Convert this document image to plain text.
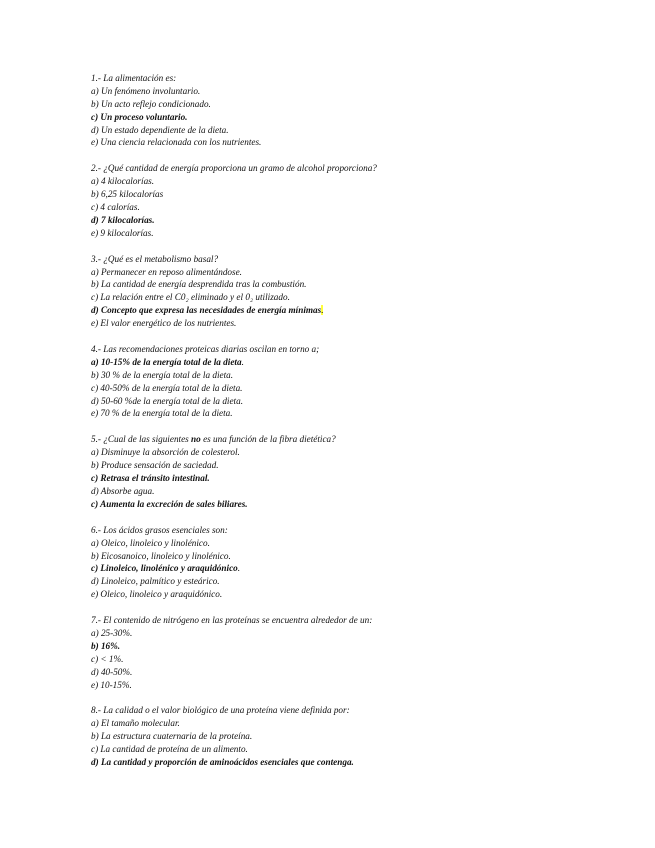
1.- La alimentación es:
a) Un fenómeno involuntario.
b) Un acto reflejo condicionado.
c) Un proceso voluntario.
d) Un estado dependiente de la dieta.
e) Una ciencia relacionada con los nutrientes.
2.- ¿Qué cantidad de energía proporciona un gramo de alcohol proporciona?
a) 4 kilocalorías.
b) 6,25 kilocalorías
c) 4 calorías.
d) 7 kilocalorías.
e) 9 kilocalorías.
3.- ¿Qué es el metabolismo basal?
a) Permanecer en reposo alimentándose.
b) La cantidad de energía desprendida tras la combustión.
c) La relación entre el C0₂ eliminado y el 0₂ utilizado.
d) Concepto que expresa las necesidades de energía mínimas.
e) El valor energético de los nutrientes.
4.- Las recomendaciones proteicas diarias oscilan en torno a;
a) 10-15% de la energía total de la dieta.
b) 30 % de la energía total de la dieta.
c) 40-50% de la energía total de la dieta.
d) 50-60 %de la energía total de la dieta.
e) 70 % de la energía total de la dieta.
5.- ¿Cual de las siguientes no es una función de la fibra dietética?
a) Disminuye la absorción de colesterol.
b) Produce sensación de saciedad.
c) Retrasa el tránsito intestinal.
d) Absorbe agua.
c) Aumenta la excreción de sales biliares.
6.- Los ácidos grasos esenciales son:
a) Oleico, linoleico y linolénico.
b) Eicosanoico, linoleico y linolénico.
c) Linoleico, linolénico y araquidónico.
d) Linoleico, palmítico y esteárico.
e) Oleico, linoleico y araquidónico.
7.- El contenido de nitrógeno en las proteínas se encuentra alrededor de un:
a) 25-30%.
b) 16%.
c) < 1%.
d) 40-50%.
e) 10-15%.
8.- La calidad o el valor biológico de una proteína viene definida por:
a) El tamaño molecular.
b) La estructura cuaternaria de la proteína.
c) La cantidad de proteína de un alimento.
d) La cantidad y proporción de aminoácidos esenciales que contenga.
